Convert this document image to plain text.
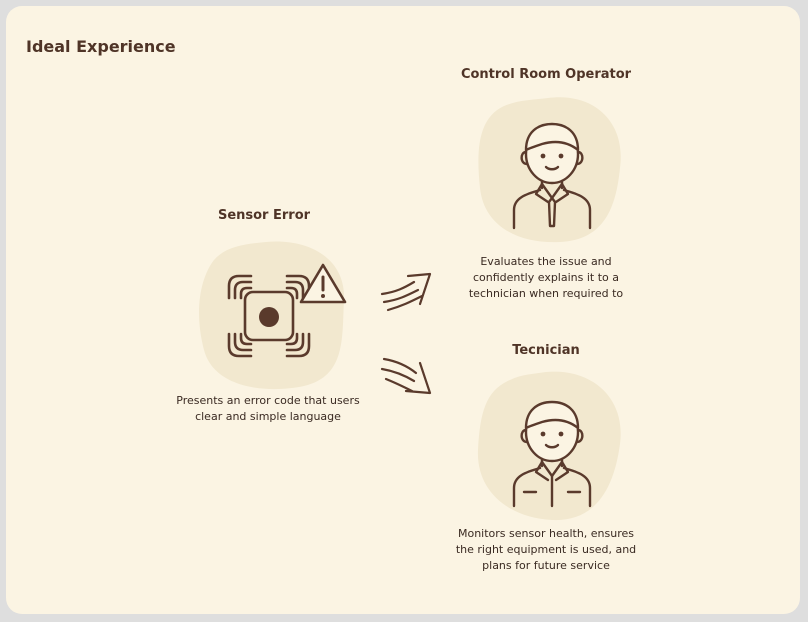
Ideal Experience
Sensor Error
Presents an error code that users
clear and simple language
Control Room Operator
Evaluates the issue and
confidently explains it to a
technician when required to
Tecnician
Monitors sensor health, ensures
the right equipment is used, and
plans for future service
